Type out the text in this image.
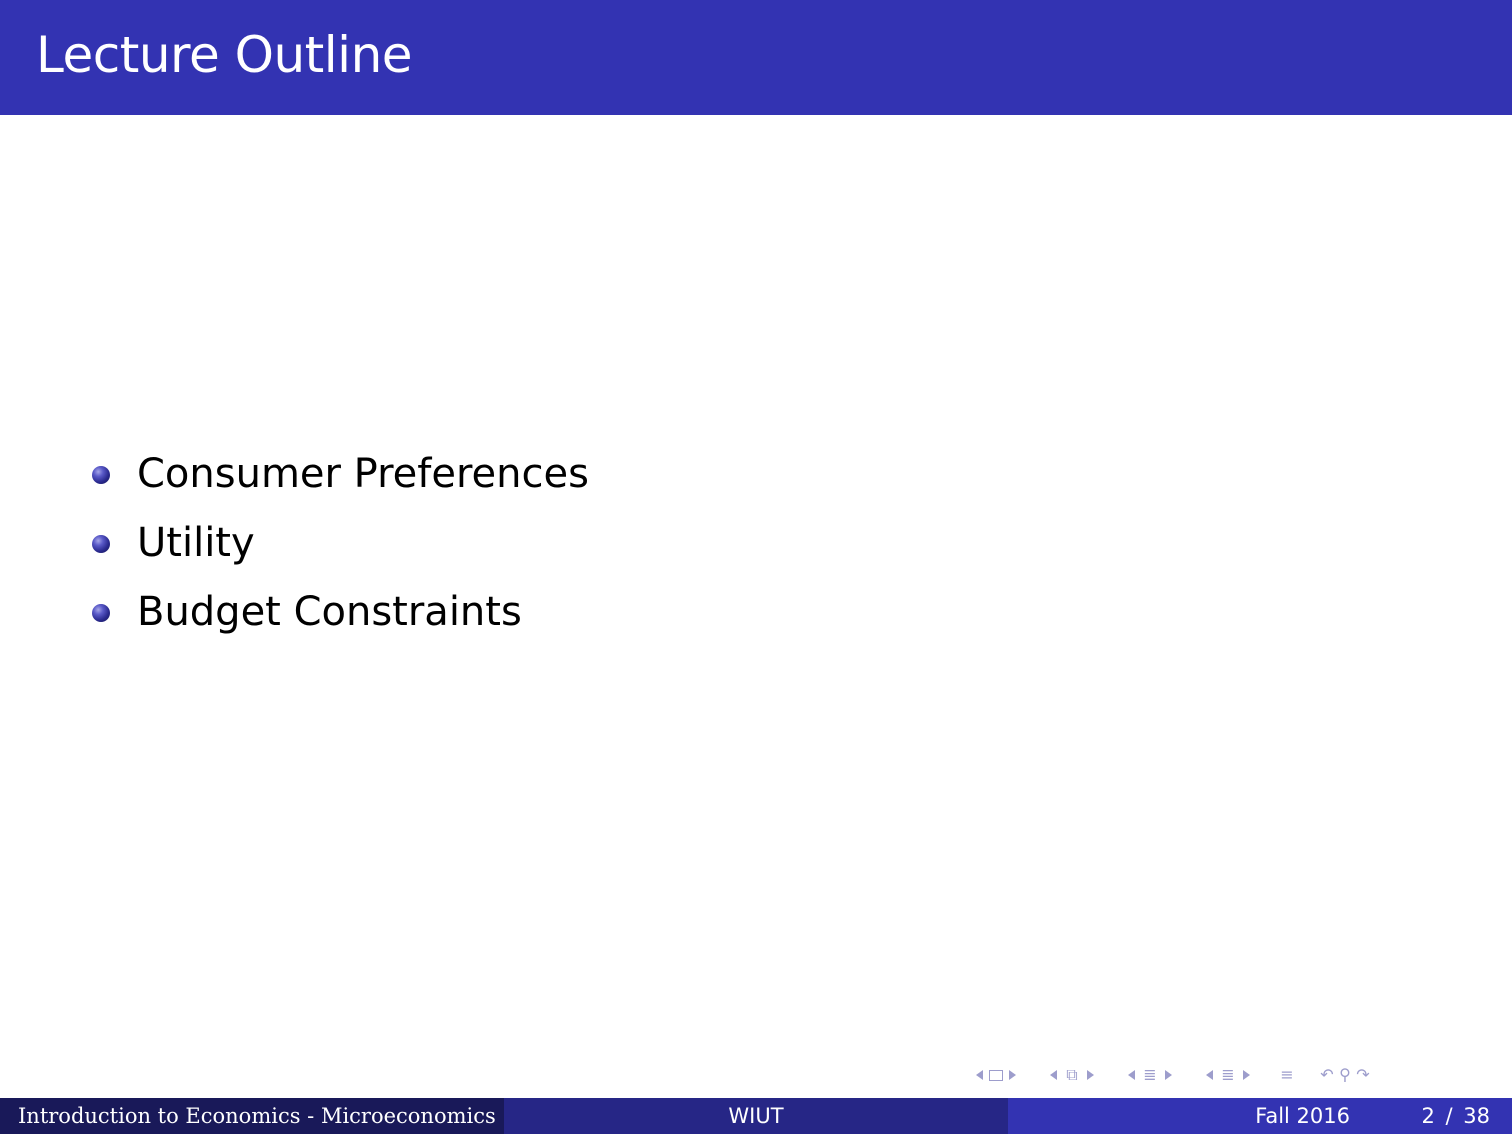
Lecture Outline
Consumer Preferences
Utility
Budget Constraints
⧉	≣	≣	≡ ↶ ⚲ ↷
Introduction to Economics - Microeconomics	WIUT	Fall 2016	2 / 38
